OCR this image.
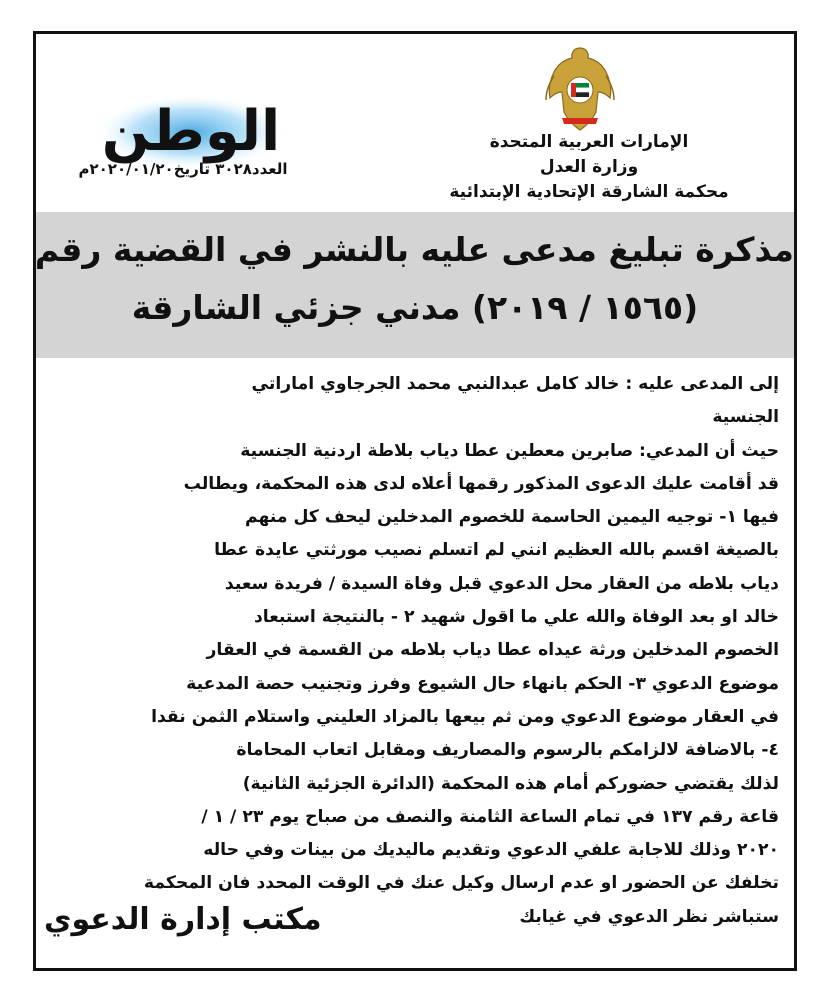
الإمارات العربية المتحدة
وزارة العدل
محكمة الشارقة الإتحادية الإبتدائية
الوطن
العدد٣٠٢٨ تاريخ٢٠٢٠/٠١/٢٠م
مذكرة تبليغ مدعى عليه بالنشر في القضية رقم
(١٥٦٥ / ٢٠١٩) مدني جزئي الشارقة
إلى المدعى عليه : خالد كامل عبدالنبي محمد الجرجاوي اماراتي
الجنسية
حيث أن المدعي: صابرين معطين عطا دياب بلاطة اردنية الجنسية
قد أقامت عليك الدعوى المذكور رقمها أعلاه لدى هذه المحكمة، ويطالب
فيها ١- توجيه اليمين الحاسمة للخصوم المدخلين ليحف كل منهم
بالصيغة اقسم بالله العظيم انني لم اتسلم نصيب مورثتي عايدة عطا
دياب بلاطه من العقار محل الدعوي قبل وفاة السيدة / فريدة سعيد
خالد او بعد الوفاة والله علي ما اقول شهيد ٢ - بالنتيجة استبعاد
الخصوم المدخلين ورثة عيداه عطا دياب بلاطه من القسمة في العقار
موضوع الدعوي ٣- الحكم بانهاء حال الشيوع وفرز وتجنيب حصة المدعية
في العقار موضوع الدعوي ومن ثم بيعها بالمزاد العليني واستلام الثمن نقدا
٤- بالاضافة لالزامكم بالرسوم والمصاريف ومقابل اتعاب المحاماة
لذلك يقتضي حضوركم أمام هذه المحكمة (الدائرة الجزئية الثانية)
قاعة رقم ١٣٧ في تمام الساعة الثامنة والنصف من صباح يوم ٢٣ / ١ /
٢٠٢٠ وذلك للاجابة علفي الدعوي وتقديم ماليديك من بينات وفي حاله
تخلفك عن الحضور او عدم ارسال وكيل عنك في الوقت المحدد فان المحكمة
ستباشر نظر الدعوي في غيابك
مكتب إدارة الدعوي
